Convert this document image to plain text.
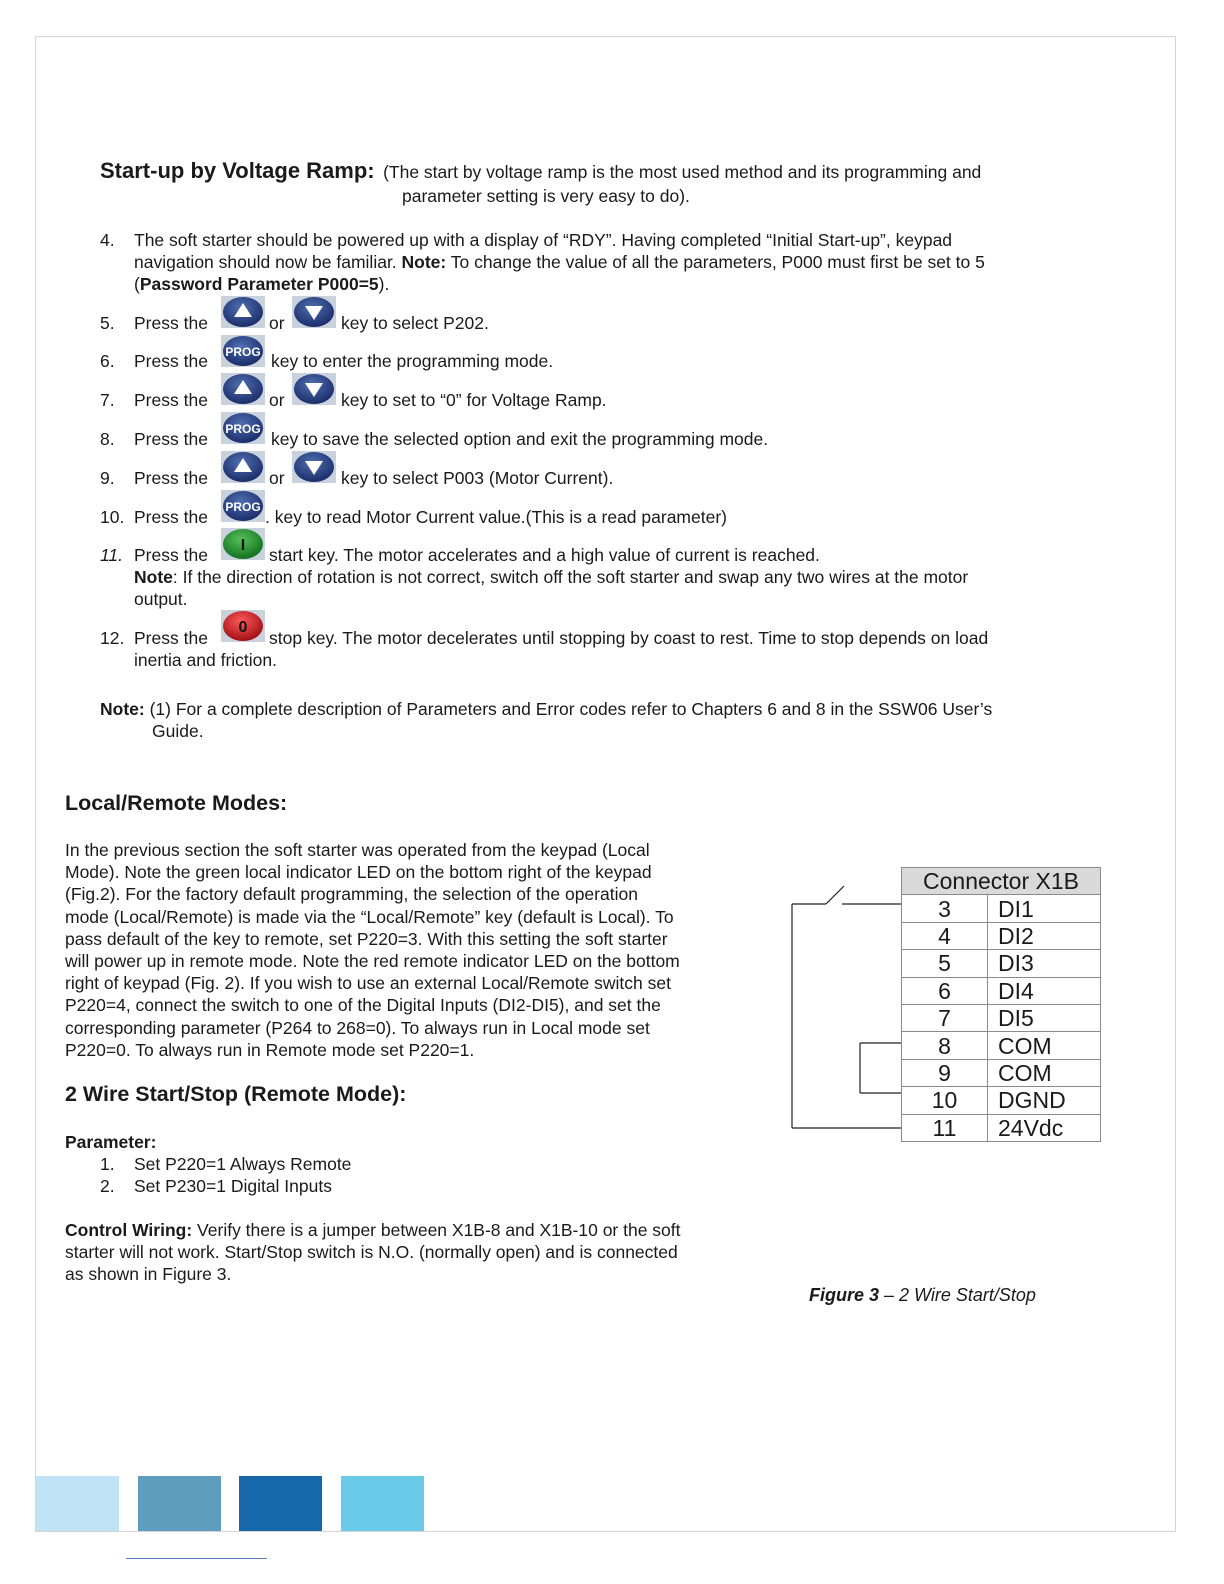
Start-up by Voltage Ramp: (The start by voltage ramp is the most used method and its programming and
parameter setting is very easy to do).
4. The soft starter should be powered up with a display of “RDY”. Having completed “Initial Start-up”, keypad
navigation should now be familiar. Note: To change the value of all the parameters, P000 must first be set to 5
(Password Parameter P000=5).
5. Press the	or	key to select P202.
6. Press the PROG key to enter the programming mode.
7. Press the	or	key to set to “0” for Voltage Ramp.
8. Press the PROG key to save the selected option and exit the programming mode.
9. Press the	or	key to select P003 (Motor Current).
10. Press the PROG . key to read Motor Current value.(This is a read parameter)
11. Press the I start key. The motor accelerates and a high value of current is reached.
Note: If the direction of rotation is not correct, switch off the soft starter and swap any two wires at the motor
output.
12. Press the
0
stop key. The motor decelerates until stopping by coast to rest. Time to stop depends on load
inertia and friction.
Note: (1) For a complete description of Parameters and Error codes refer to Chapters 6 and 8 in the SSW06 User’s
Guide.
Local/Remote Modes:
In the previous section the soft starter was operated from the keypad (Local
Mode). Note the green local indicator LED on the bottom right of the keypad
(Fig.2). For the factory default programming, the selection of the operation
mode (Local/Remote) is made via the “Local/Remote” key (default is Local). To
pass default of the key to remote, set P220=3. With this setting the soft starter
will power up in remote mode. Note the red remote indicator LED on the bottom
right of keypad (Fig. 2). If you wish to use an external Local/Remote switch set
P220=4, connect the switch to one of the Digital Inputs (DI2-DI5), and set the
corresponding parameter (P264 to 268=0). To always run in Local mode set
P220=0. To always run in Remote mode set P220=1.
2 Wire Start/Stop (Remote Mode):
Parameter:
1. Set P220=1 Always Remote
2. Set P230=1 Digital Inputs
Control Wiring: Verify there is a jumper between X1B-8 and X1B-10 or the soft
starter will not work. Start/Stop switch is N.O. (normally open) and is connected
as shown in Figure 3.
Connector X1B	
3	DI1
4	DI2
5	DI3
6	DI4
7	DI5
8	COM
9	COM
10	DGND
11	24Vdc
Figure 3 – 2 Wire Start/Stop
